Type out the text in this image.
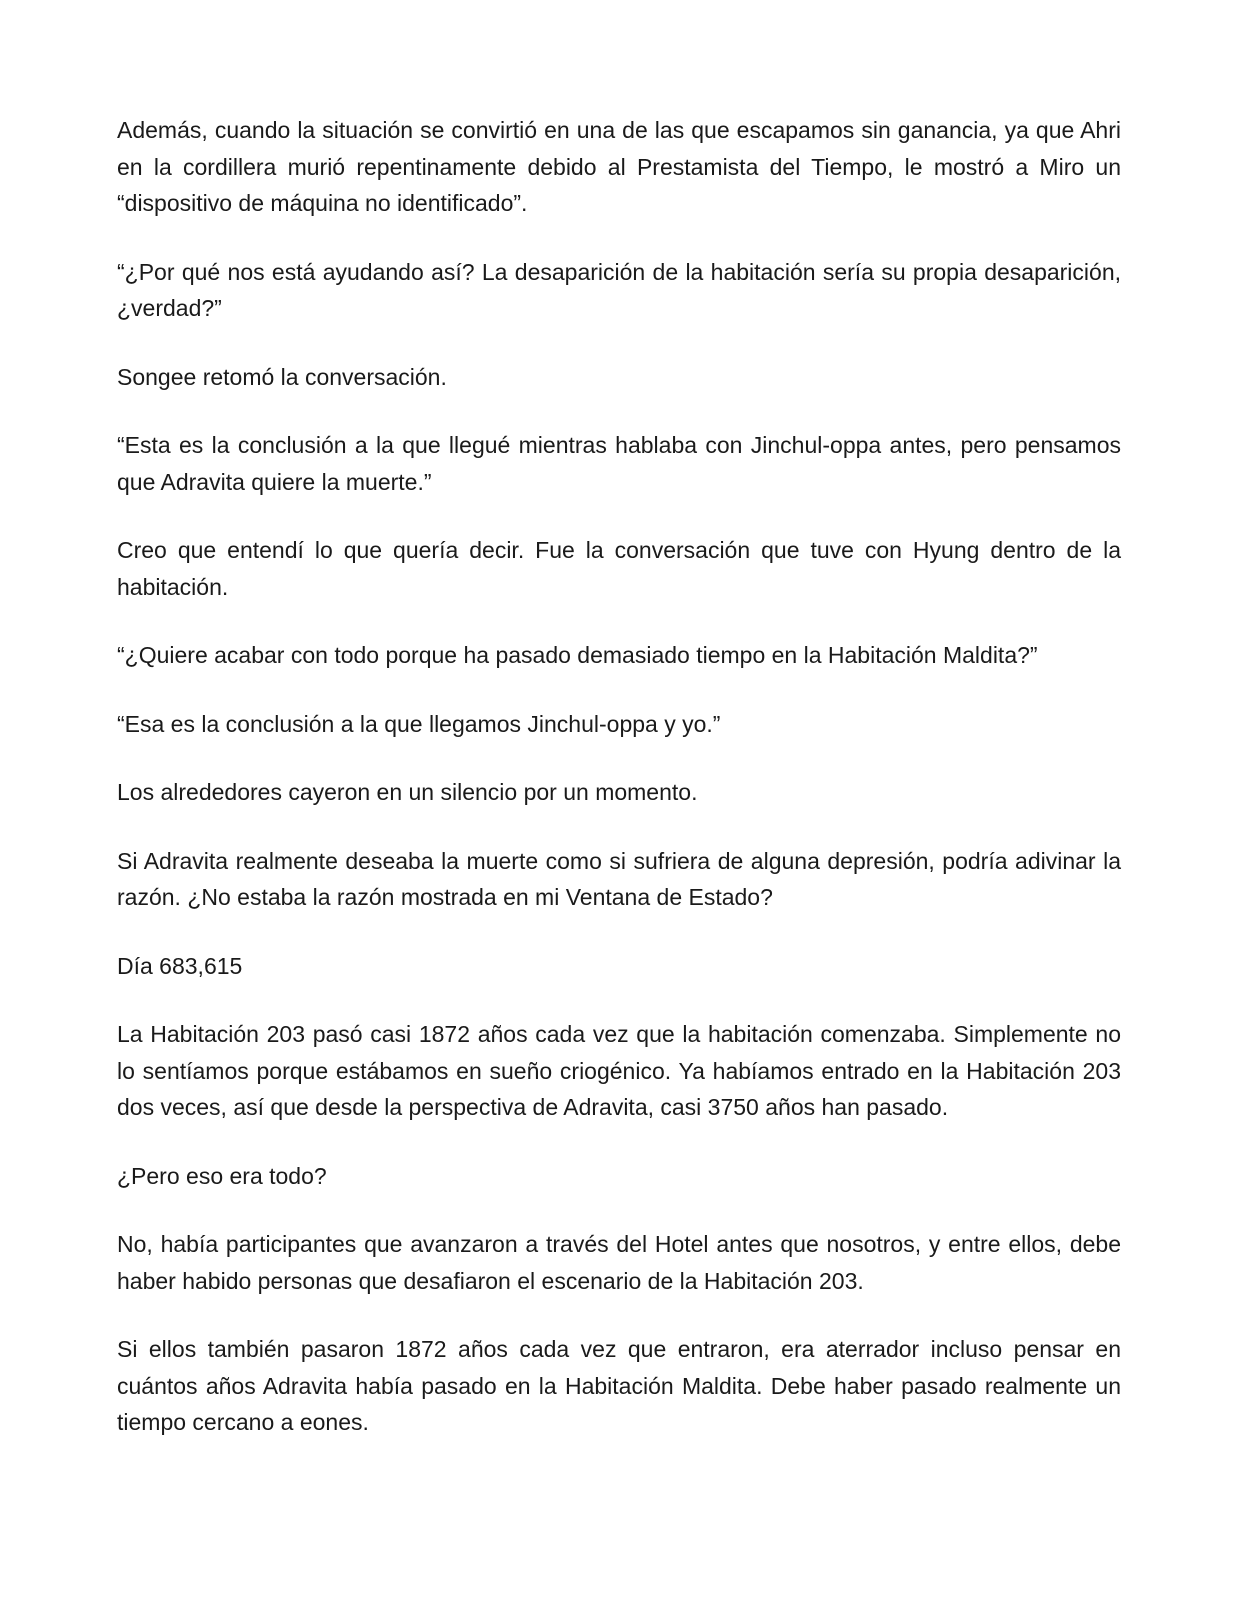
Además, cuando la situación se convirtió en una de las que escapamos sin ganancia, ya que Ahri en la cordillera murió repentinamente debido al Prestamista del Tiempo, le mostró a Miro un “dispositivo de máquina no identificado”.

“¿Por qué nos está ayudando así? La desaparición de la habitación sería su propia desaparición, ¿verdad?”

Songee retomó la conversación.

“Esta es la conclusión a la que llegué mientras hablaba con Jinchul-oppa antes, pero pensamos que Adravita quiere la muerte.”

Creo que entendí lo que quería decir. Fue la conversación que tuve con Hyung dentro de la habitación.

“¿Quiere acabar con todo porque ha pasado demasiado tiempo en la Habitación Maldita?”

“Esa es la conclusión a la que llegamos Jinchul-oppa y yo.”

Los alrededores cayeron en un silencio por un momento.

Si Adravita realmente deseaba la muerte como si sufriera de alguna depresión, podría adivinar la razón. ¿No estaba la razón mostrada en mi Ventana de Estado?

Día 683,615

La Habitación 203 pasó casi 1872 años cada vez que la habitación comenzaba. Simplemente no lo sentíamos porque estábamos en sueño criogénico. Ya habíamos entrado en la Habitación 203 dos veces, así que desde la perspectiva de Adravita, casi 3750 años han pasado.

¿Pero eso era todo?

No, había participantes que avanzaron a través del Hotel antes que nosotros, y entre ellos, debe haber habido personas que desafiaron el escenario de la Habitación 203.

Si ellos también pasaron 1872 años cada vez que entraron, era aterrador incluso pensar en cuántos años Adravita había pasado en la Habitación Maldita. Debe haber pasado realmente un tiempo cercano a eones.
